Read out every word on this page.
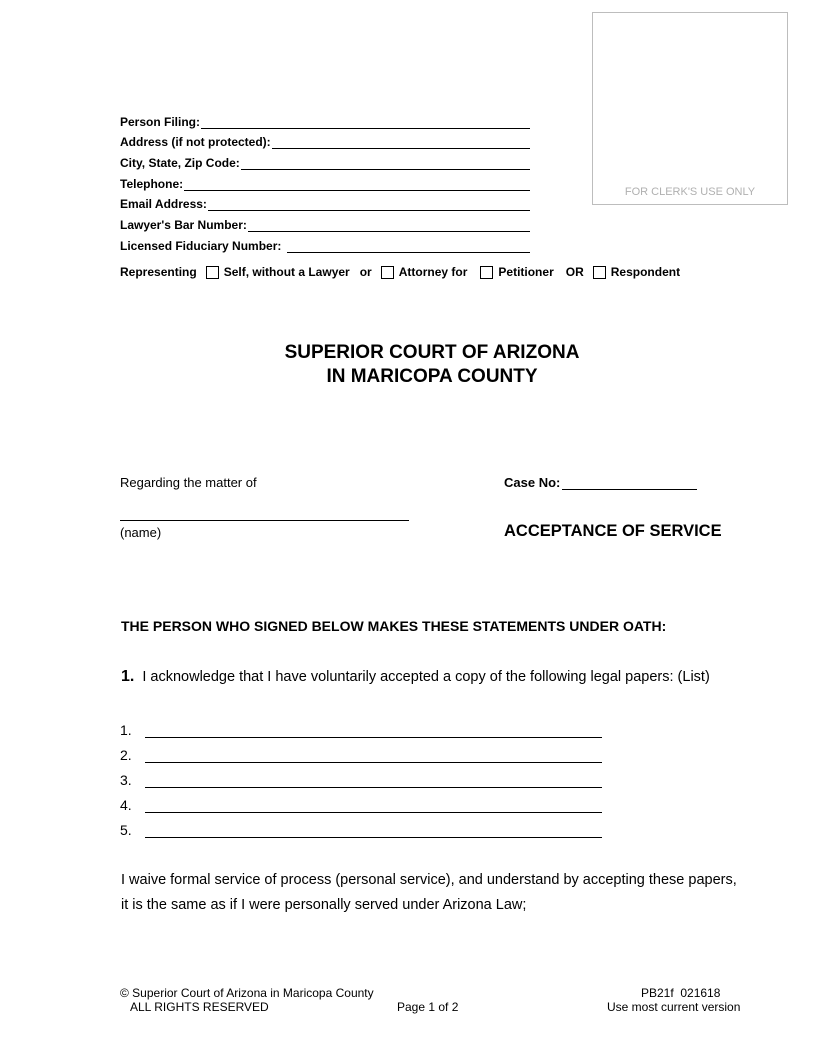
FOR CLERK'S USE ONLY
Person Filing:
Address (if not protected):
City, State, Zip Code:
Telephone:
Email Address:
Lawyer's Bar Number:
Licensed Fiduciary Number:
Representing Self, without a Lawyer or Attorney for	Petitioner OR Respondent
SUPERIOR COURT OF ARIZONA
IN MARICOPA COUNTY
Regarding the matter of	Case No:
(name)	ACCEPTANCE OF SERVICE
THE PERSON WHO SIGNED BELOW MAKES THESE STATEMENTS UNDER OATH:
1. I acknowledge that I have voluntarily accepted a copy of the following legal papers: (List)
1.
2.
3.
4.
5.
I waive formal service of process (personal service), and understand by accepting these papers,
it is the same as if I were personally served under Arizona Law;
© Superior Court of Arizona in Maricopa County
ALL RIGHTS RESERVED	Page 1 of 2
PB21f  021618
Use most current version
